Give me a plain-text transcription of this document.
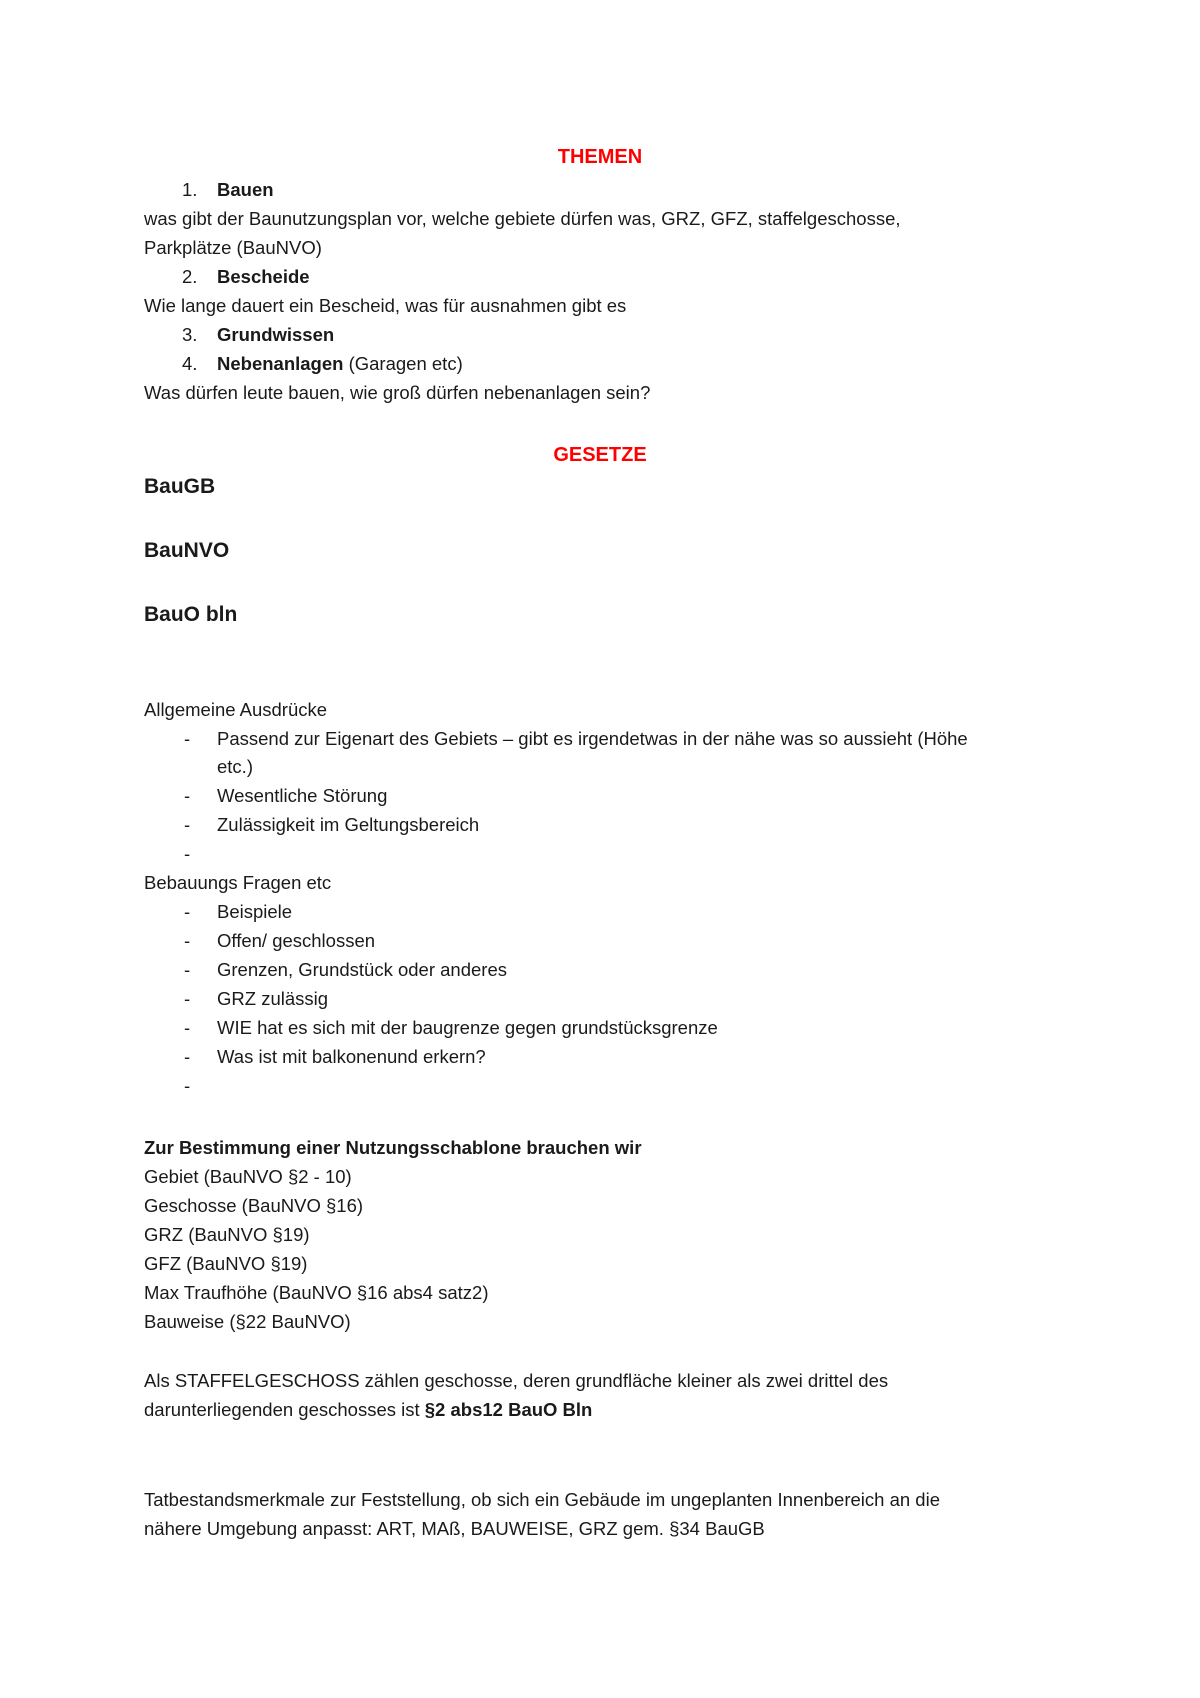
THEMEN
1. Bauen
was gibt der Baunutzungsplan vor, welche gebiete dürfen was, GRZ, GFZ, staffelgeschosse,
Parkplätze (BauNVO)
2. Bescheide
Wie lange dauert ein Bescheid, was für ausnahmen gibt es
3. Grundwissen
4. Nebenanlagen (Garagen etc)
Was dürfen leute bauen, wie groß dürfen nebenanlagen sein?
GESETZE
BauGB
BauNVO
BauO bln
Allgemeine Ausdrücke
- Passend zur Eigenart des Gebiets – gibt es irgendetwas in der nähe was so aussieht (Höhe
etc.)
- Wesentliche Störung
- Zulässigkeit im Geltungsbereich
-
Bebauungs Fragen etc
- Beispiele
- Offen/ geschlossen
- Grenzen, Grundstück oder anderes
- GRZ zulässig
- WIE hat es sich mit der baugrenze gegen grundstücksgrenze
- Was ist mit balkonenund erkern?
-
Zur Bestimmung einer Nutzungsschablone brauchen wir
Gebiet (BauNVO §2 - 10)
Geschosse (BauNVO §16)
GRZ (BauNVO §19)
GFZ (BauNVO §19)
Max Traufhöhe (BauNVO §16 abs4 satz2)
Bauweise (§22 BauNVO)
Als STAFFELGESCHOSS zählen geschosse, deren grundfläche kleiner als zwei drittel des
darunterliegenden geschosses ist §2 abs12 BauO Bln
Tatbestandsmerkmale zur Feststellung, ob sich ein Gebäude im ungeplanten Innenbereich an die
nähere Umgebung anpasst: ART, MAß, BAUWEISE, GRZ gem. §34 BauGB
